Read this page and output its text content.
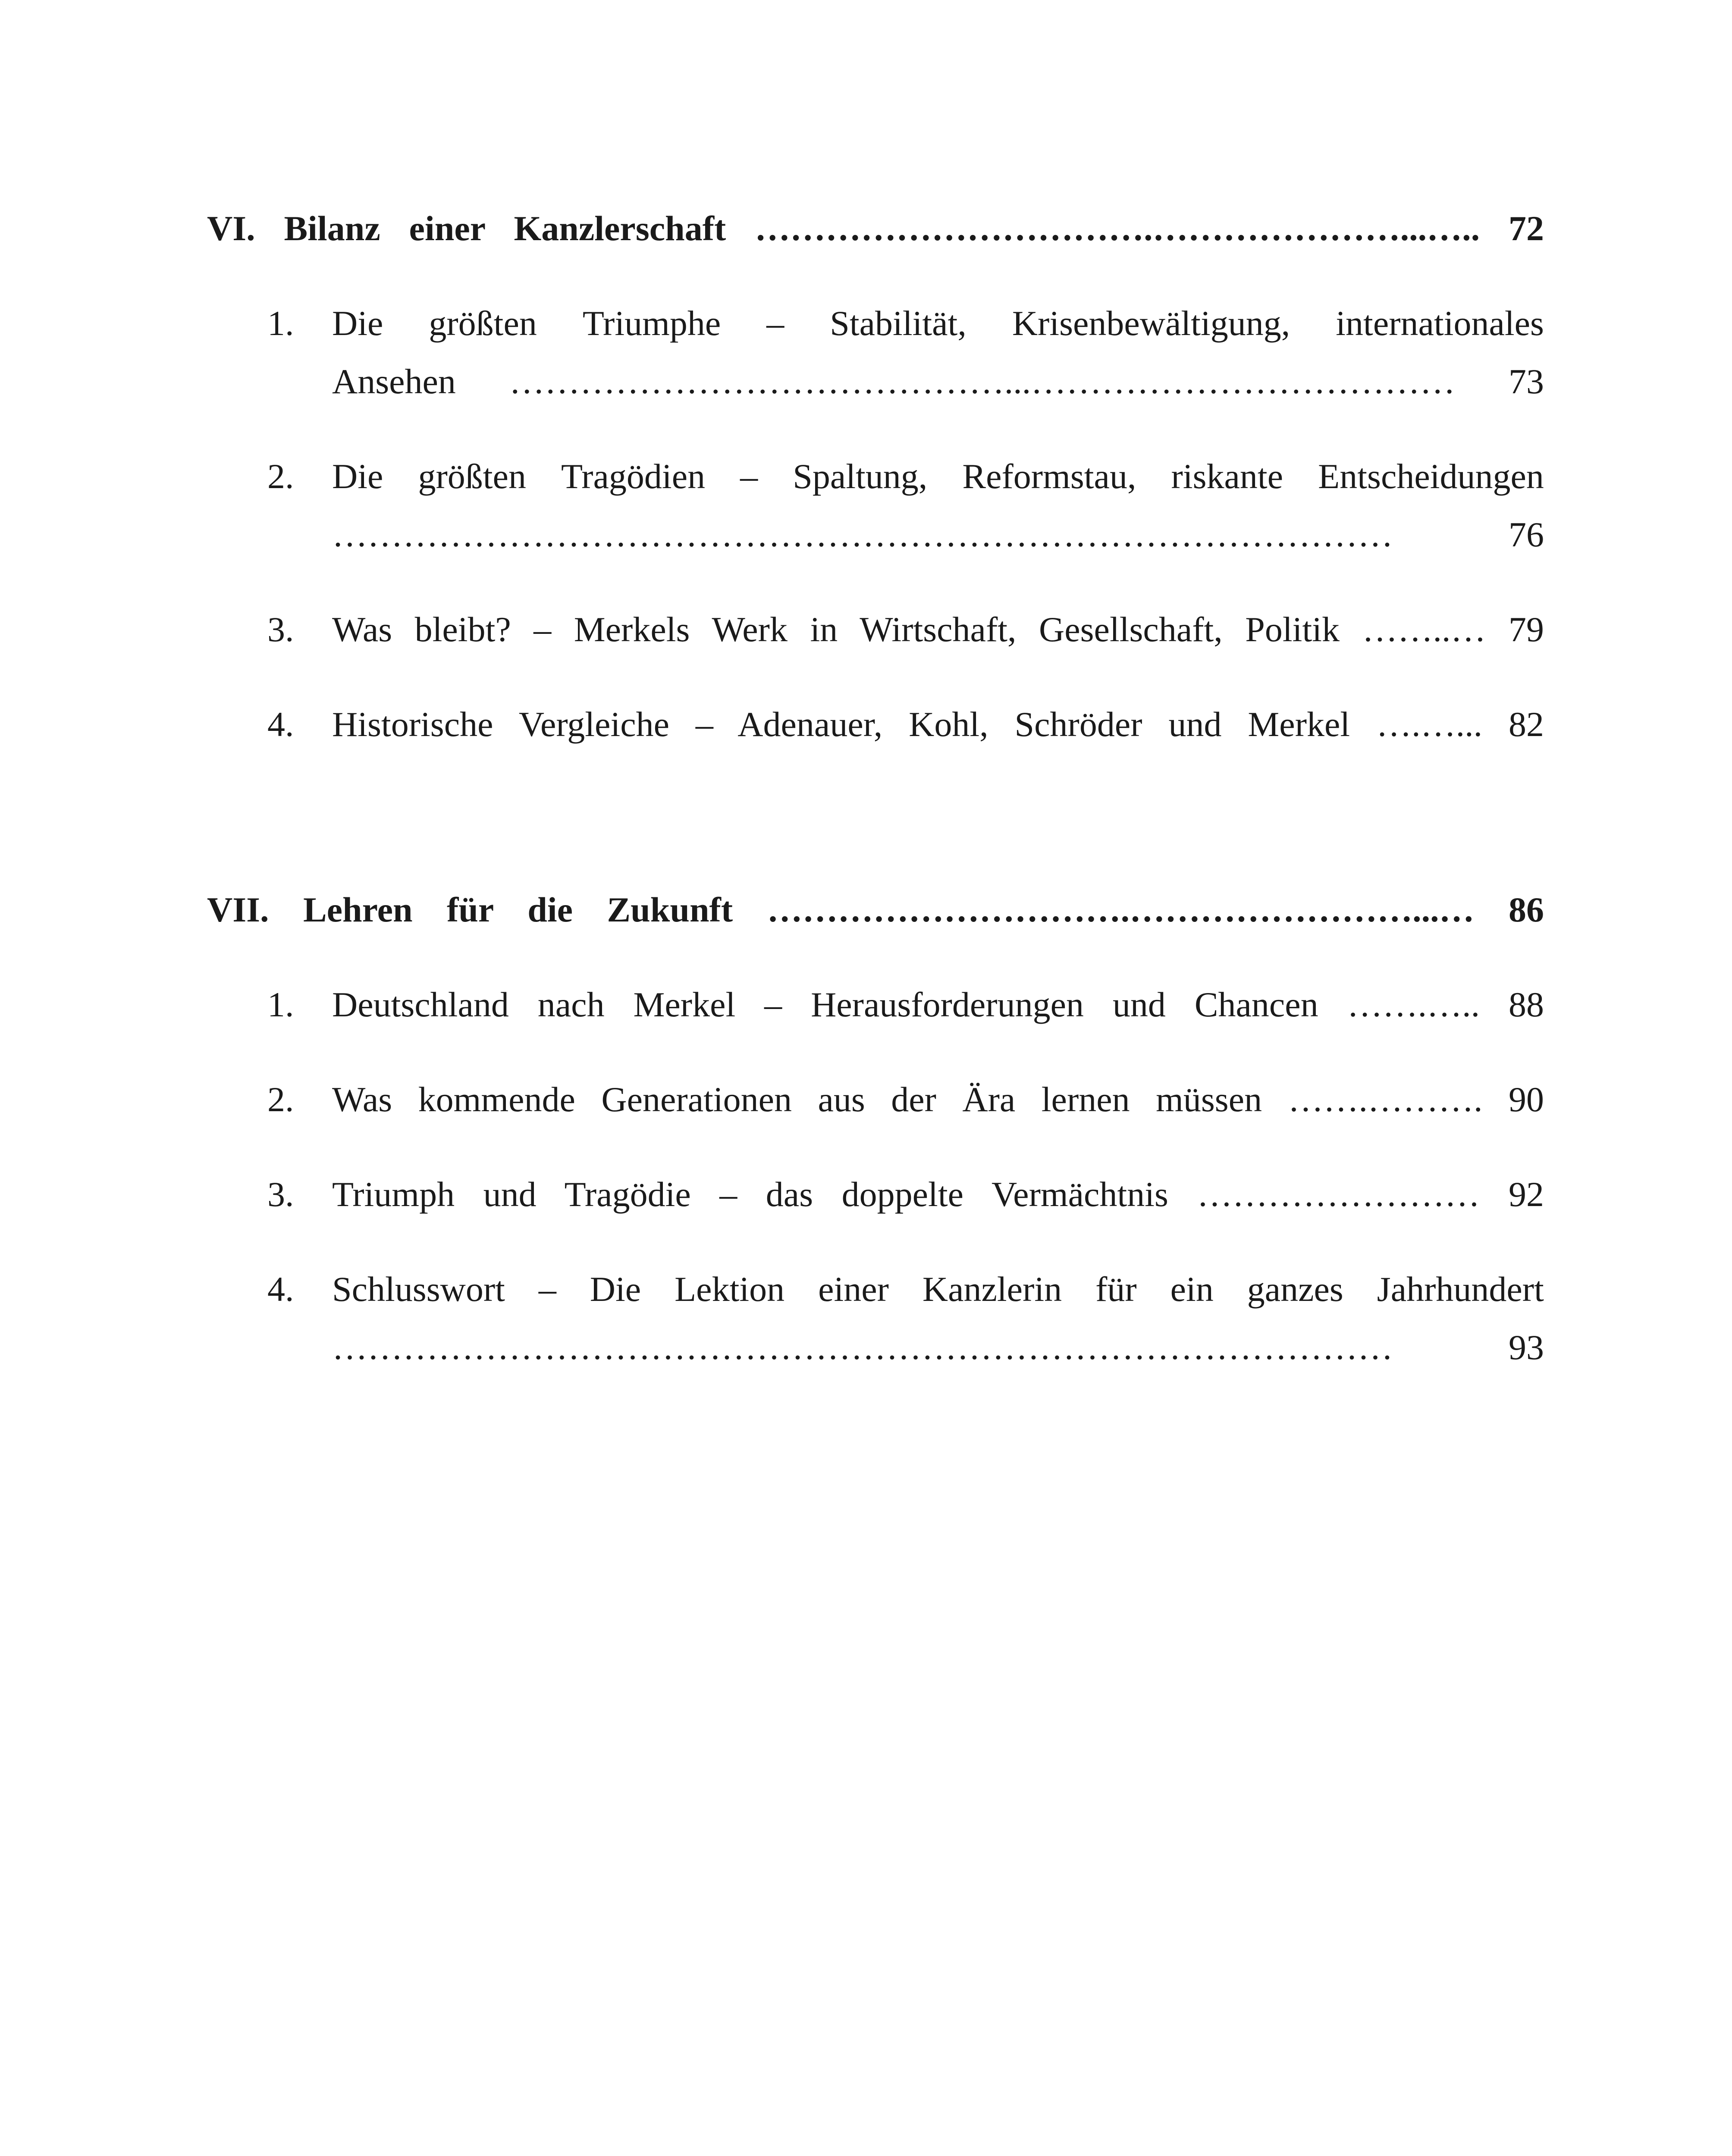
VI. Bilanz einer Kanzlerschaft …………………………….…………………...….. 72
1. Die größten Triumphe – Stabilität, Krisenbewältigung, internationales
Ansehen ……………………………………...……………………………… 73
2. Die größten Tragödien – Spaltung, Reformstau, riskante Entscheidungen
……………………………………………………………………………… 76
3. Was bleibt? – Merkels Werk in Wirtschaft, Gesellschaft, Politik ……..… 79
4. Historische Vergleiche – Adenauer, Kohl, Schröder und Merkel ….…... 82
VII. Lehren für die Zukunft ………………………….……………………...… 86
1. Deutschland nach Merkel – Herausforderungen und Chancen …….….. 88
2. Was kommende Generationen aus der Ära lernen müssen …….………. 90
3. Triumph und Tragödie – das doppelte Vermächtnis …………………… 92
4. Schlusswort – Die Lektion einer Kanzlerin für ein ganzes Jahrhundert
……………………………………………………………………………… 93
